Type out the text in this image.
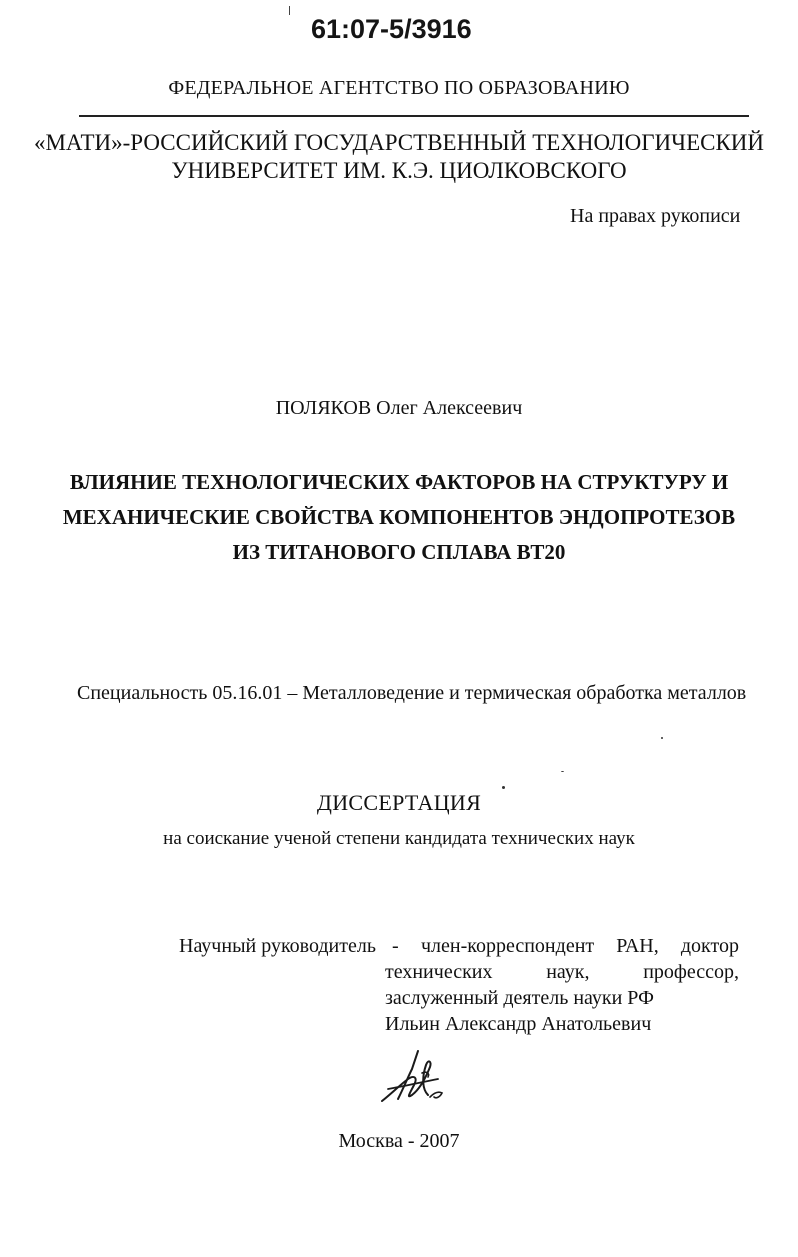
61:07-5/3916
ФЕДЕРАЛЬНОЕ АГЕНТСТВО ПО ОБРАЗОВАНИЮ
«МАТИ»-РОССИЙСКИЙ ГОСУДАРСТВЕННЫЙ ТЕХНОЛОГИЧЕСКИЙ
УНИВЕРСИТЕТ ИМ. К.Э. ЦИОЛКОВСКОГО
На правах рукописи
ПОЛЯКОВ Олег Алексеевич
ВЛИЯНИЕ ТЕХНОЛОГИЧЕСКИХ ФАКТОРОВ НА СТРУКТУРУ И
МЕХАНИЧЕСКИЕ СВОЙСТВА КОМПОНЕНТОВ ЭНДОПРОТЕЗОВ
ИЗ ТИТАНОВОГО СПЛАВА ВТ20
Специальность 05.16.01 – Металловедение и термическая обработка металлов
ДИССЕРТАЦИЯ
на соискание ученой степени кандидата технических наук
Научный руководитель - член-корреспондент РАН, доктор
технических	наук,	профессор,
заслуженный деятель науки РФ
Ильин Александр Анатольевич
Москва - 2007
